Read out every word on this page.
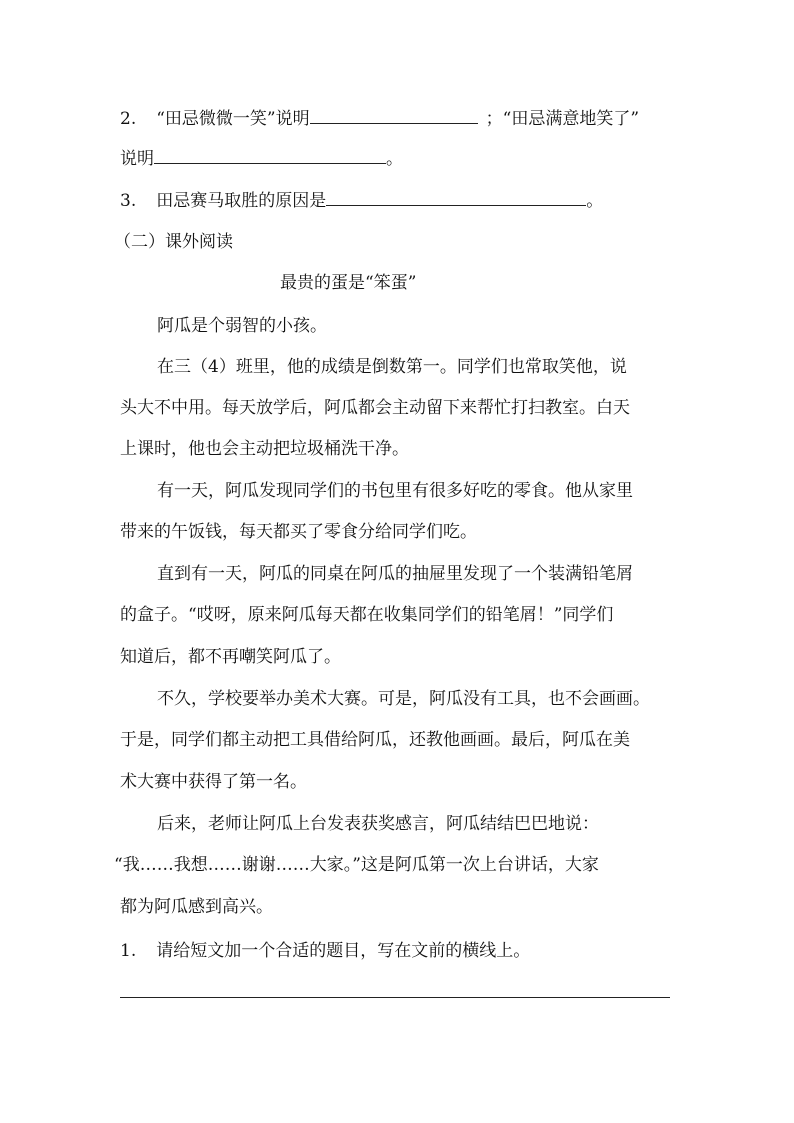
2. “田忌微微一笑”说明	；“田忌满意地笑了”
说明	。
3. 田忌赛马取胜的原因是	。
（二）课外阅读
最贵的蛋是“笨蛋”
阿瓜是个弱智的小孩。
在三（4）班里，他的成绩是倒数第一。同学们也常取笑他，说
头大不中用。每天放学后，阿瓜都会主动留下来帮忙打扫教室。白天
上课时，他也会主动把垃圾桶洗干净。
有一天，阿瓜发现同学们的书包里有很多好吃的零食。他从家里
带来的午饭钱，每天都买了零食分给同学们吃。
直到有一天，阿瓜的同桌在阿瓜的抽屉里发现了一个装满铅笔屑
的盒子。“哎呀，原来阿瓜每天都在收集同学们的铅笔屑！”同学们
知道后，都不再嘲笑阿瓜了。
不久，学校要举办美术大赛。可是，阿瓜没有工具，也不会画画。
于是，同学们都主动把工具借给阿瓜，还教他画画。最后，阿瓜在美
术大赛中获得了第一名。
后来，老师让阿瓜上台发表获奖感言，阿瓜结结巴巴地说：
“我……我想……谢谢……大家。”这是阿瓜第一次上台讲话，大家
都为阿瓜感到高兴。
1. 请给短文加一个合适的题目，写在文前的横线上。
